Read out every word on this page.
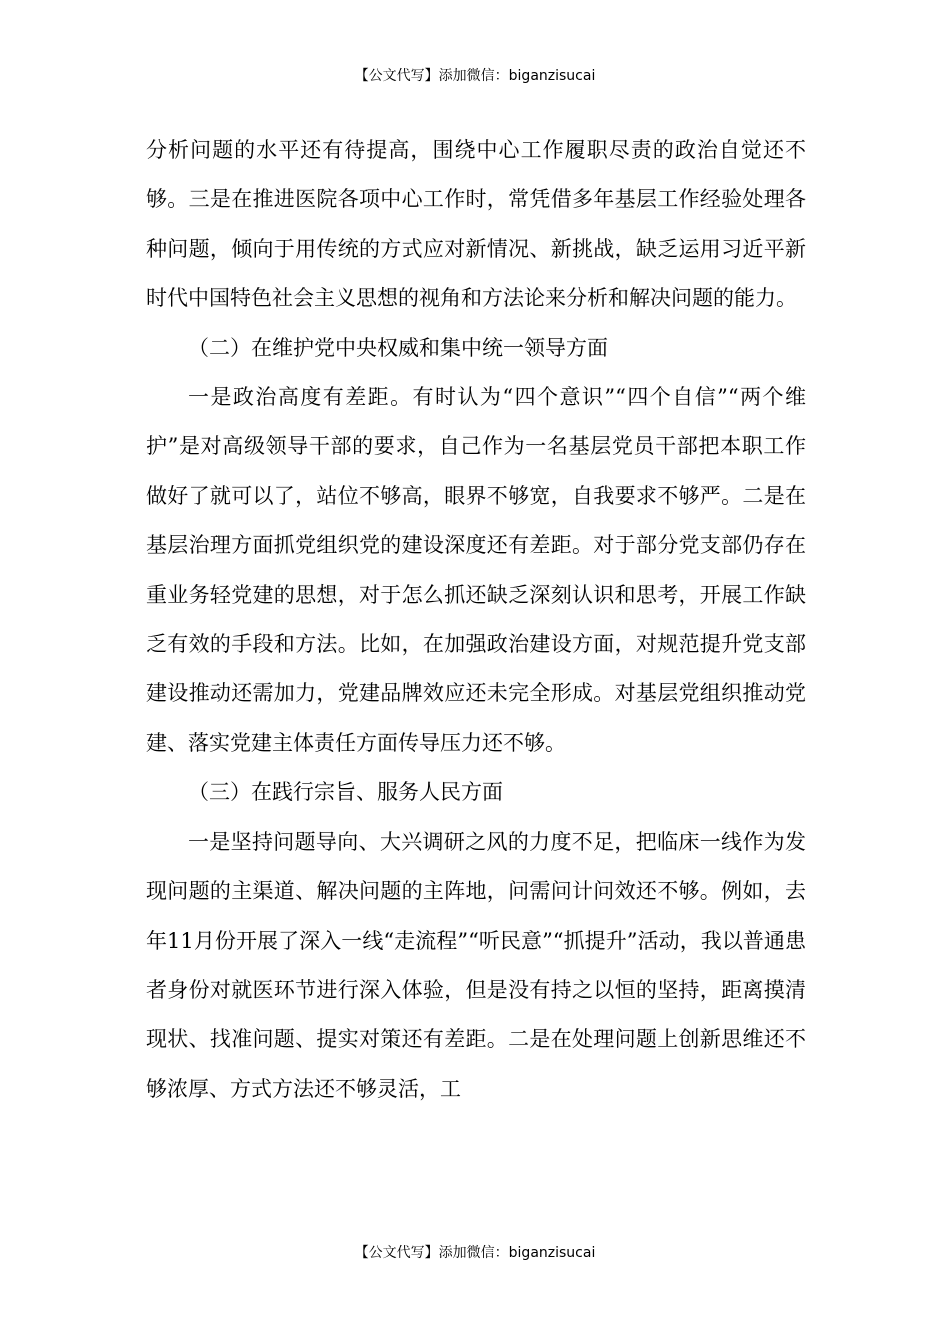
【公文代写】添加微信：biganzisucai

分析问题的水平还有待提高，围绕中心工作履职尽责的政治自觉还不够。三是在推进医院各项中心工作时，常凭借多年基层工作经验处理各种问题，倾向于用传统的方式应对新情况、新挑战，缺乏运用习近平新时代中国特色社会主义思想的视角和方法论来分析和解决问题的能力。

（二）在维护党中央权威和集中统一领导方面

一是政治高度有差距。有时认为“四个意识”“四个自信”“两个维护”是对高级领导干部的要求，自己作为一名基层党员干部把本职工作做好了就可以了，站位不够高，眼界不够宽，自我要求不够严。二是在基层治理方面抓党组织党的建设深度还有差距。对于部分党支部仍存在重业务轻党建的思想，对于怎么抓还缺乏深刻认识和思考，开展工作缺乏有效的手段和方法。比如，在加强政治建设方面，对规范提升党支部建设推动还需加力，党建品牌效应还未完全形成。对基层党组织推动党建、落实党建主体责任方面传导压力还不够。

（三）在践行宗旨、服务人民方面

一是坚持问题导向、大兴调研之风的力度不足，把临床一线作为发现问题的主渠道、解决问题的主阵地，问需问计问效还不够。例如，去年11月份开展了深入一线“走流程”“听民意”“抓提升”活动，我以普通患者身份对就医环节进行深入体验，但是没有持之以恒的坚持，距离摸清现状、找准问题、提实对策还有差距。二是在处理问题上创新思维还不够浓厚、方式方法还不够灵活，工

【公文代写】添加微信：biganzisucai
